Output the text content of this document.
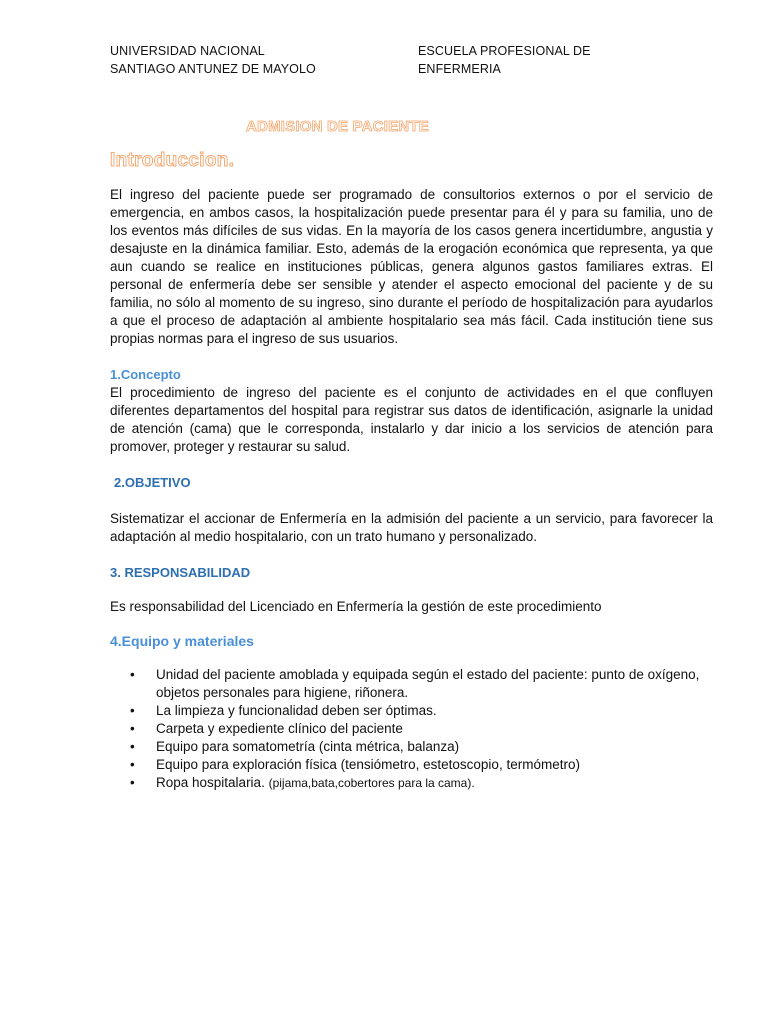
UNIVERSIDAD NACIONAL	ESCUELA PROFESIONAL DE ENFERMERIA
SANTIAGO ANTUNEZ DE MAYOLO
ADMISION DE PACIENTE
Introduccion.

El ingreso del paciente puede ser programado de consultorios externos o por el servicio de emergencia, en ambos casos, la hospitalización puede presentar para él y para su familia, uno de los eventos más difíciles de sus vidas. En la mayoría de los casos genera incertidumbre, angustia y desajuste en la dinámica familiar. Esto, además de la erogación económica que representa, ya que aun cuando se realice en instituciones públicas, genera algunos gastos familiares extras. El personal de enfermería debe ser sensible y atender el aspecto emocional del paciente y de su familia, no sólo al momento de su ingreso, sino durante el período de hospitalización para ayudarlos a que el proceso de adaptación al ambiente hospitalario sea más fácil. Cada institución tiene sus propias normas para el ingreso de sus usuarios.

1.Concepto

El procedimiento de ingreso del paciente es el conjunto de actividades en el que confluyen diferentes departamentos del hospital para registrar sus datos de identificación, asignarle la unidad de atención (cama) que le corresponda, instalarlo y dar inicio a los servicios de atención para promover, proteger y restaurar su salud.

2.OBJETIVO

Sistematizar el accionar de Enfermería en la admisión del paciente a un servicio, para favorecer la adaptación al medio hospitalario, con un trato humano y personalizado.

3. RESPONSABILIDAD

Es responsabilidad del Licenciado en Enfermería la gestión de este procedimiento

4.Equipo y materiales

• Unidad del paciente amoblada y equipada según el estado del paciente: punto de oxígeno, objetos personales para higiene, riñonera.
• La limpieza y funcionalidad deben ser óptimas.
• Carpeta y expediente clínico del paciente
• Equipo para somatometría (cinta métrica, balanza)
• Equipo para exploración física (tensiómetro, estetoscopio, termómetro)
• Ropa hospitalaria. (pijama,bata,cobertores para la cama).
